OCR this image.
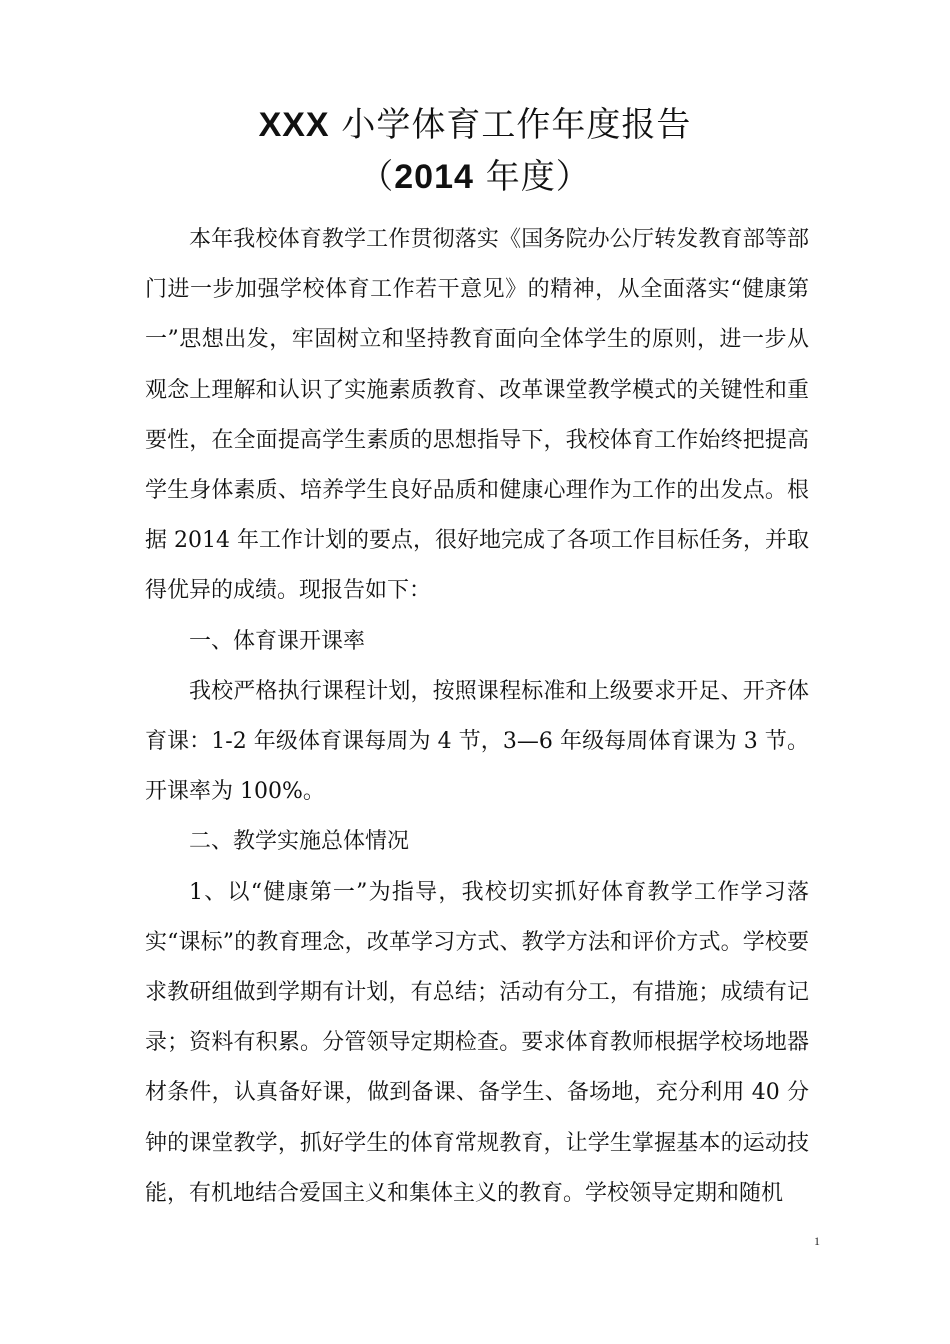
XXX 小学体育工作年度报告
（2014 年度）

本年我校体育教学工作贯彻落实《国务院办公厅转发教育部等部门进一步加强学校体育工作若干意见》的精神，从全面落实“健康第一”思想出发，牢固树立和坚持教育面向全体学生的原则，进一步从观念上理解和认识了实施素质教育、改革课堂教学模式的关键性和重要性，在全面提高学生素质的思想指导下，我校体育工作始终把提高学生身体素质、培养学生良好品质和健康心理作为工作的出发点。根据 2014 年工作计划的要点，很好地完成了各项工作目标任务，并取得优异的成绩。现报告如下：

一、体育课开课率

我校严格执行课程计划，按照课程标准和上级要求开足、开齐体育课：1-2 年级体育课每周为 4 节，3—6 年级每周体育课为 3 节。开课率为 100%。

二、教学实施总体情况

1、以“健康第一”为指导，我校切实抓好体育教学工作学习落实“课标”的教育理念，改革学习方式、教学方法和评价方式。学校要求教研组做到学期有计划，有总结；活动有分工，有措施；成绩有记录；资料有积累。分管领导定期检查。要求体育教师根据学校场地器材条件，认真备好课，做到备课、备学生、备场地，充分利用 40 分钟的课堂教学，抓好学生的体育常规教育，让学生掌握基本的运动技能，有机地结合爱国主义和集体主义的教育。学校领导定期和随机

1
